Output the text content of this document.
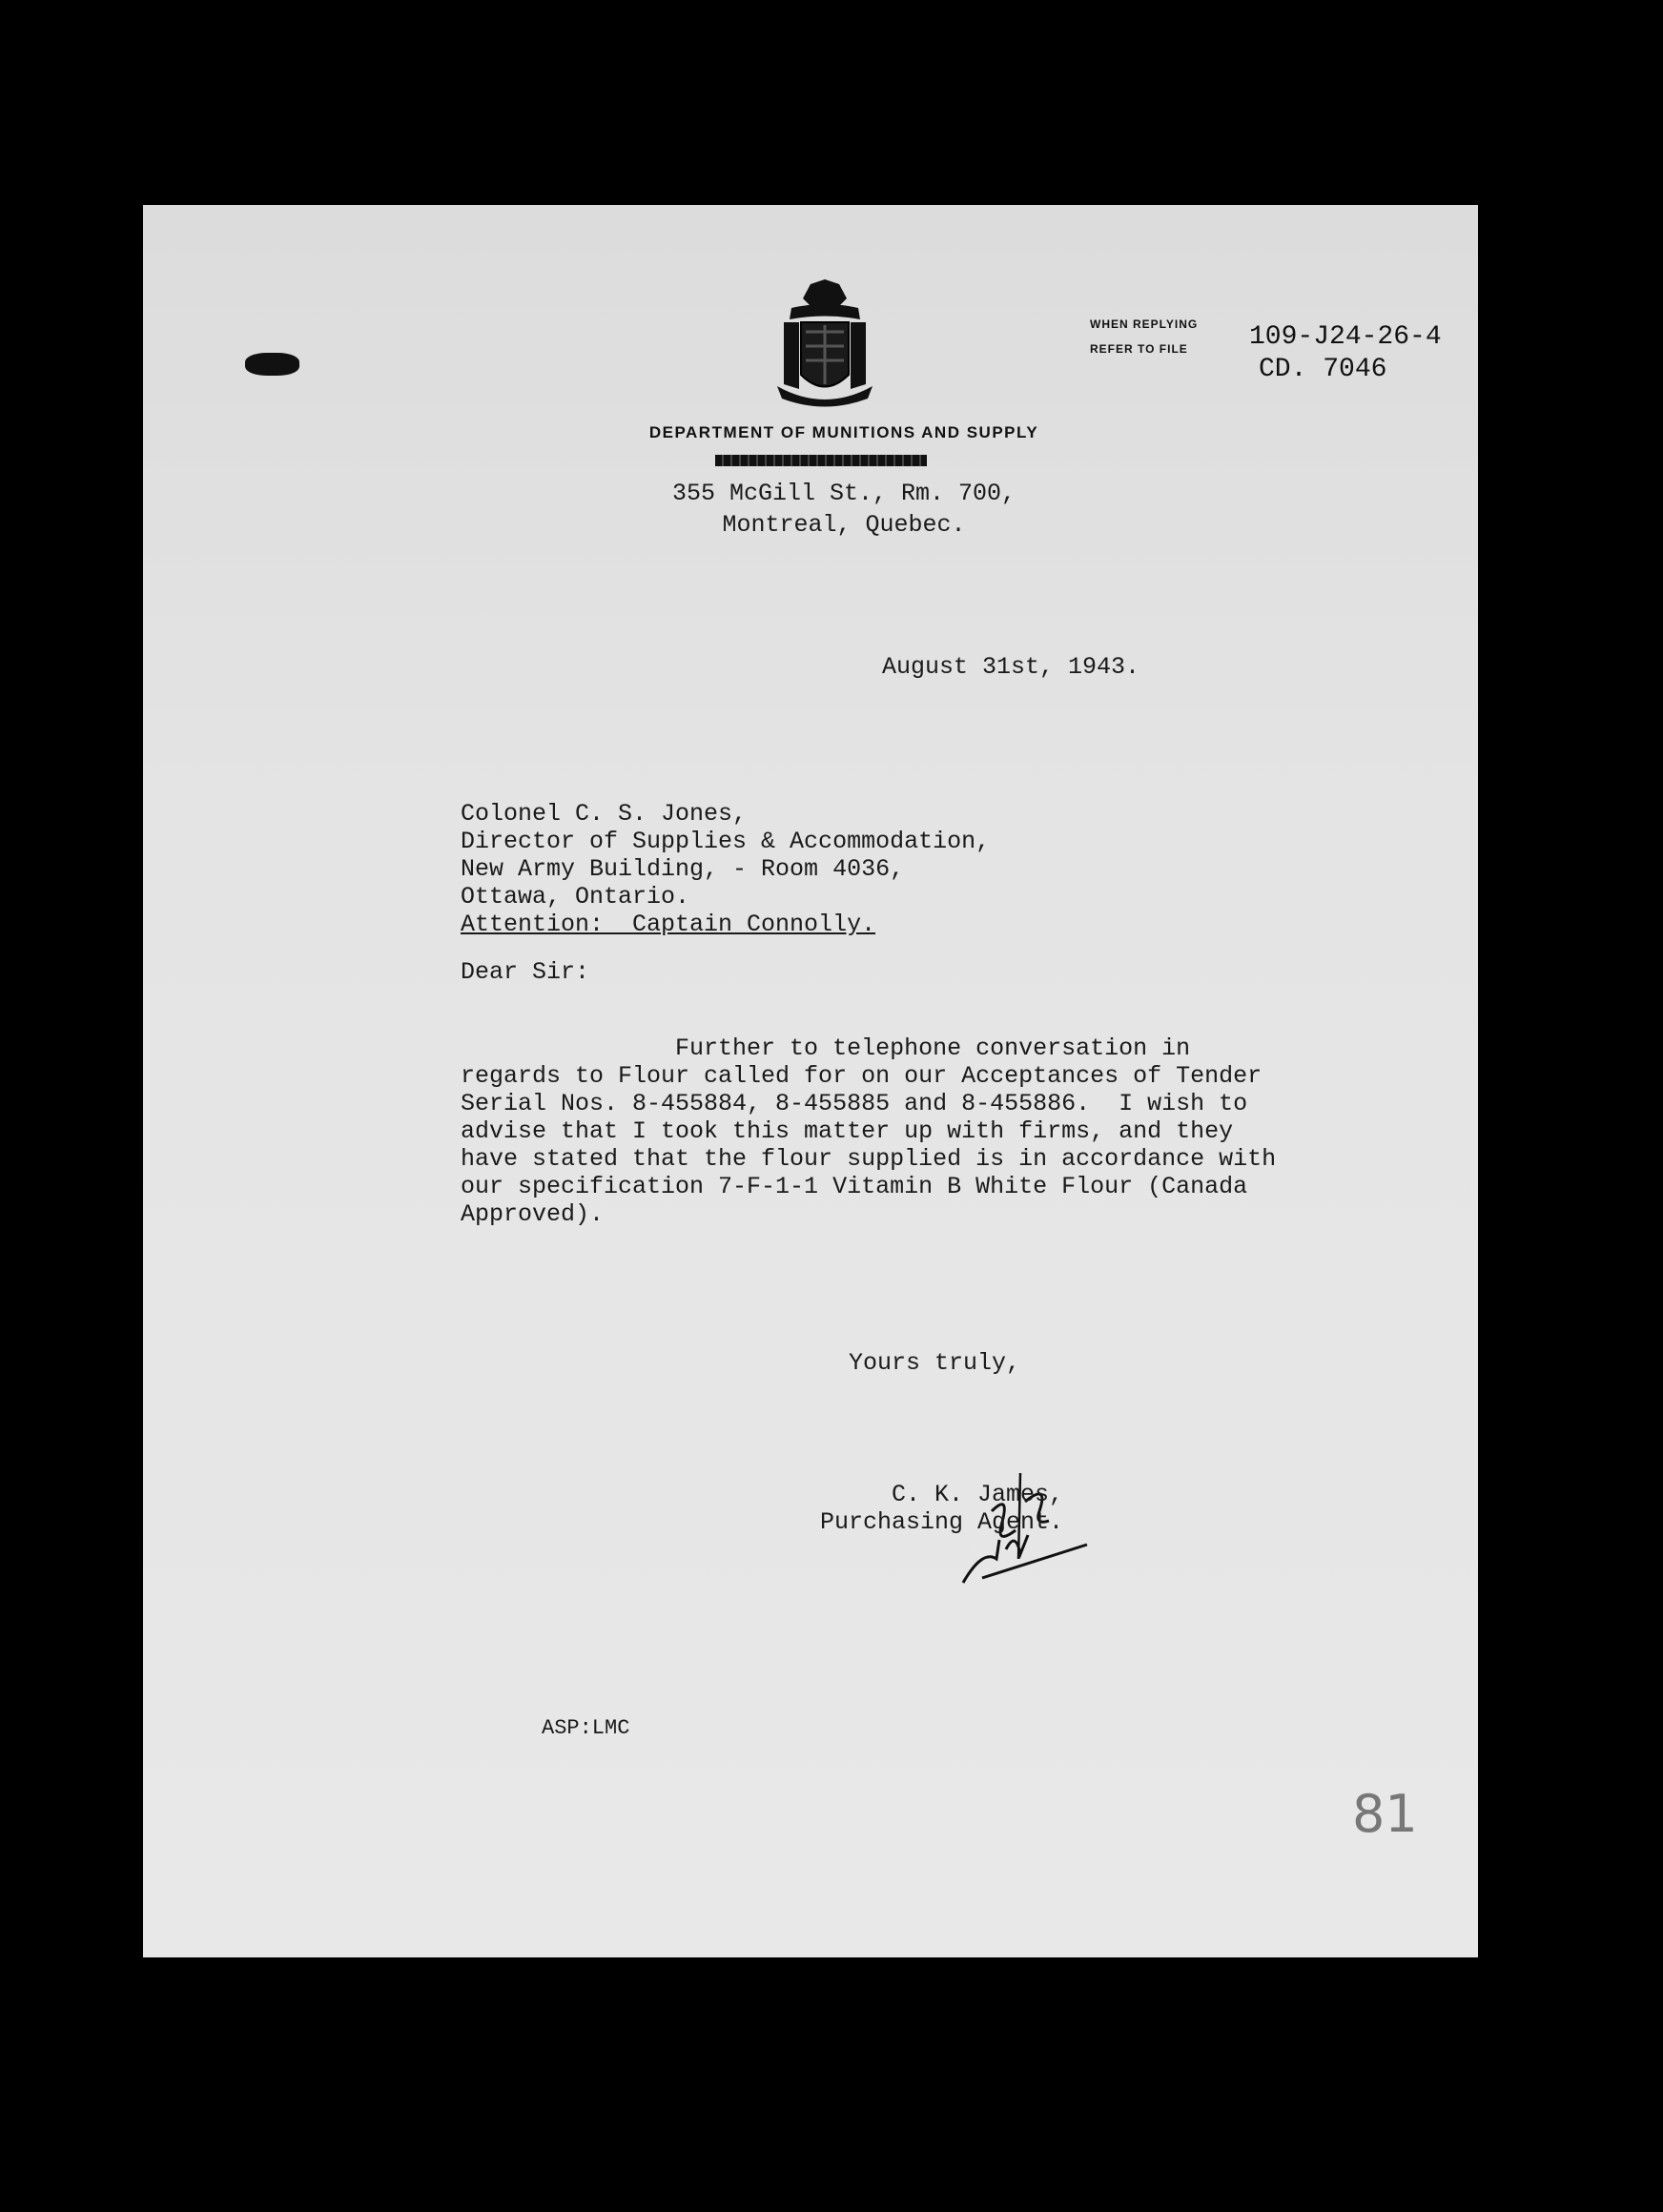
WHEN REPLYING
REFER TO FILE	109-J24-26-4
CD. 7046
DEPARTMENT OF MUNITIONS AND SUPPLY
355 McGill St., Rm. 700,
Montreal, Quebec.
August 31st, 1943.
Colonel C. S. Jones,
Director of Supplies & Accommodation,
New Army Building, - Room 4036,
Ottawa, Ontario.
Attention:  Captain Connolly.
Dear Sir:
Further to telephone conversation in
regards to Flour called for on our Acceptances of Tender
Serial Nos. 8-455884, 8-455885 and 8-455886.  I wish to
advise that I took this matter up with firms, and they
have stated that the flour supplied is in accordance with
our specification 7-F-1-1 Vitamin B White Flour (Canada
Approved).
Yours truly,
C. K. James,
Purchasing Agent.
ASP:LMC
81
